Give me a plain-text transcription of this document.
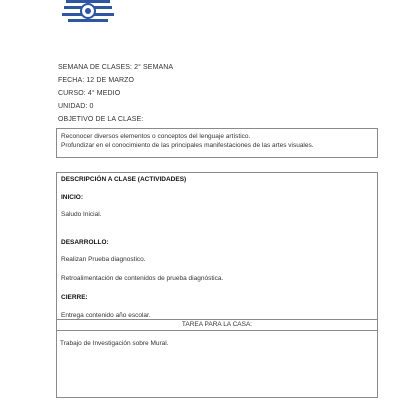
SEMANA DE CLASES: 2° SEMANA
FECHA: 12 DE MARZO
CURSO: 4° MEDIO
UNIDAD: 0
OBJETIVO DE LA CLASE:
Reconocer diversos elementos o conceptos del lenguaje artístico.
Profundizar en el conocimiento de las principales manifestaciones de las artes visuales.
DESCRIPCIÓN A CLASE (ACTIVIDADES)
INICIO:
Saludo Inicial.
DESARROLLO:
Realizan Prueba diagnostico.
Retroalimentación de contenidos de prueba diagnóstica.
CIERRE:
Entrega contenido año escolar.
TAREA PARA LA CASA:
Trabajo de Investigación sobre Mural.
